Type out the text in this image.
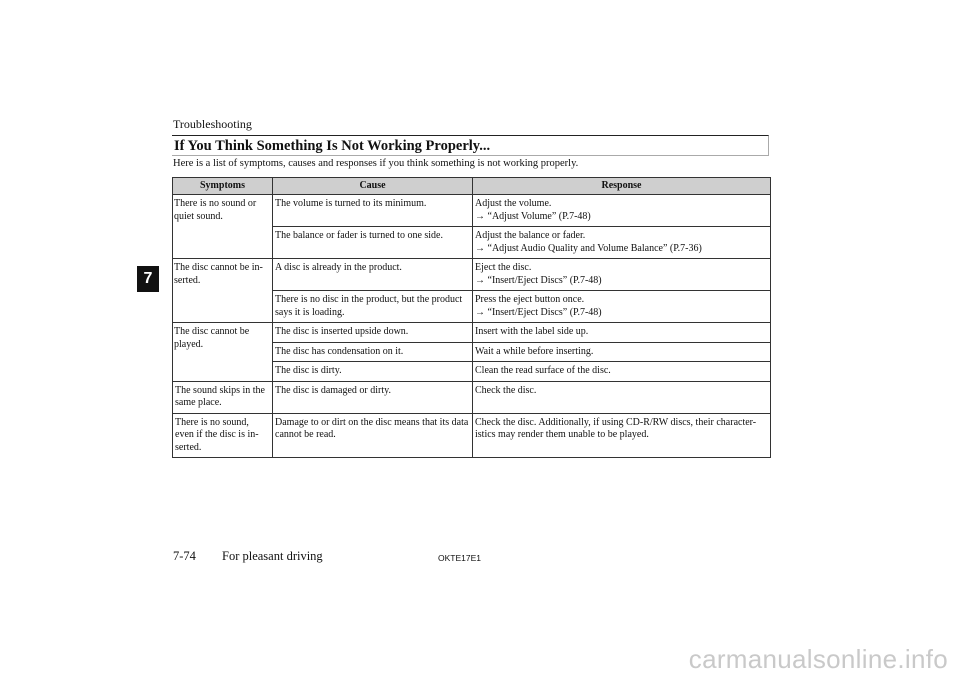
Troubleshooting
If You Think Something Is Not Working Properly...
Here is a list of symptoms, causes and responses if you think something is not working properly.
7
Symptoms	Cause	Response
There is no sound or quiet sound.	The volume is turned to its minimum.	Adjust the volume.
→ “Adjust Volume” (P.7-48)

	The balance or fader is turned to one side.	Adjust the balance or fader.
→ “Adjust Audio Quality and Volume Balance” (P.7-36)

The disc cannot be in-serted.	A disc is already in the product.	Eject the disc.
→ “Insert/Eject Discs” (P.7-48)

	There is no disc in the product, but the product says it is loading.	Press the eject button once.
→ “Insert/Eject Discs” (P.7-48)

The disc cannot be played.	The disc is inserted upside down.	Insert with the label side up.
	The disc has condensation on it.	Wait a while before inserting.
	The disc is dirty.	Clean the read surface of the disc.
The sound skips in the same place.	The disc is damaged or dirty.	Check the disc.
There is no sound, even if the disc is in-serted.	Damage to or dirt on the disc means that its data cannot be read.	Check the disc. Additionally, if using CD-R/RW discs, their character-istics may render them unable to be played.
7-74 For pleasant driving	OKTE17E1
carmanualsonline.info
